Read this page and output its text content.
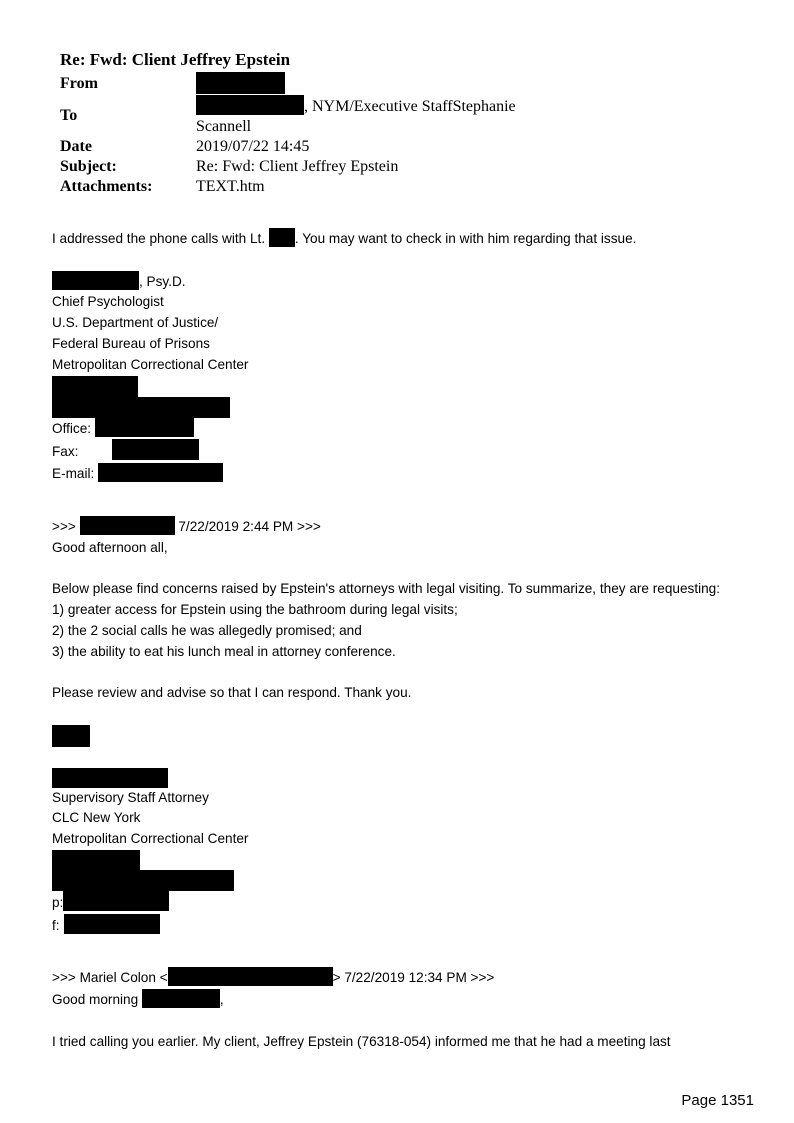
Re: Fwd: Client Jeffrey Epstein
From	
To	, NYM/Executive StaffStephanie
Scannell
Date	2019/07/22 14:45
Subject:	Re: Fwd: Client Jeffrey Epstein
Attachments:	TEXT.htm

I addressed the phone calls with Lt. . You may want to check in with him regarding that issue.

, Psy.D.

Chief Psychologist

U.S. Department of Justice/

Federal Bureau of Prisons

Metropolitan Correctional Center

Office:

Fax:

E-mail:

>>>	7/22/2019 2:44 PM >>>

Good afternoon all,

Below please find concerns raised by Epstein's attorneys with legal visiting. To summarize, they are requesting:

1) greater access for Epstein using the bathroom during legal visits;

2) the 2 social calls he was allegedly promised; and

3) the ability to eat his lunch meal in attorney conference.

Please review and advise so that I can respond. Thank you.

Supervisory Staff Attorney

CLC New York

Metropolitan Correctional Center

p:

f:

>>> Mariel Colon <	> 7/22/2019 12:34 PM >>>

Good morning	,

I tried calling you earlier. My client, Jeffrey Epstein (76318-054) informed me that he had a meeting last

Page 1351
